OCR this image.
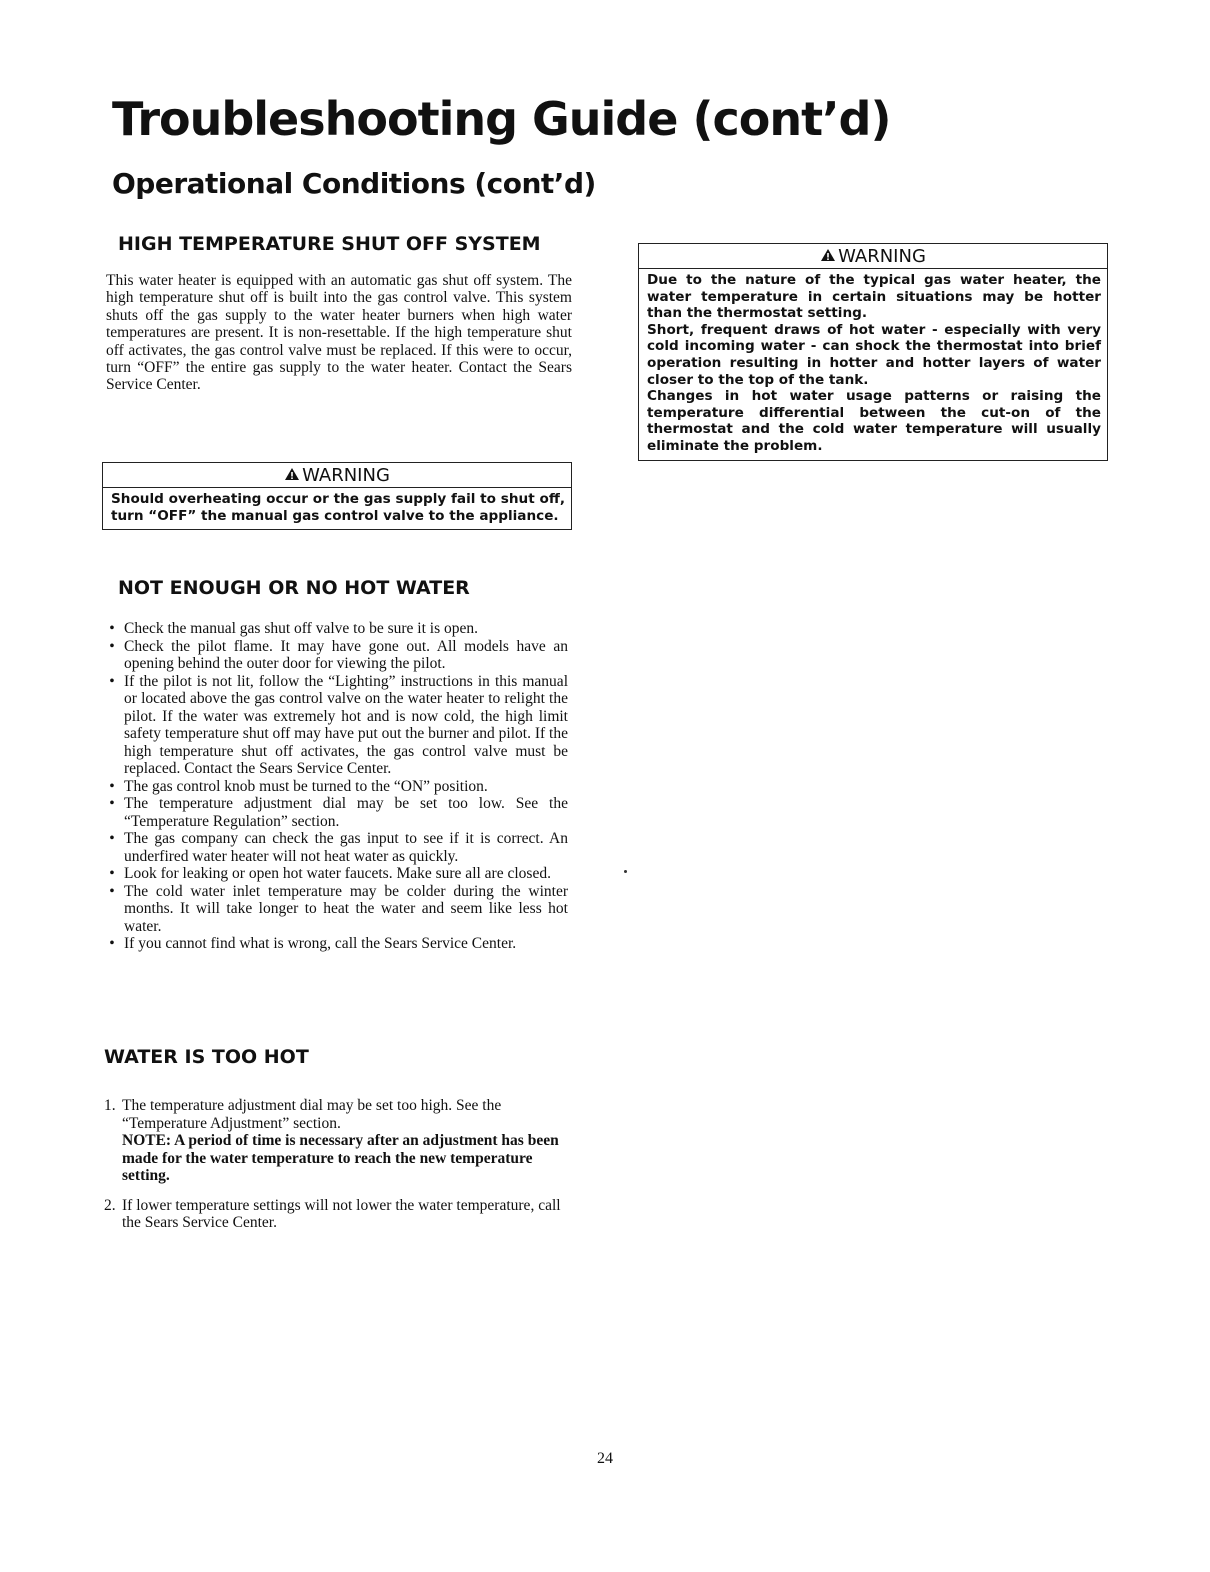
Troubleshooting Guide (cont’d)
Operational Conditions (cont’d)
HIGH TEMPERATURE SHUT OFF SYSTEM

This water heater is equipped with an automatic gas shut off system. The high temperature shut off is built into the gas control valve. This system shuts off the gas supply to the water heater burners when high water temperatures are present. It is non-resettable. If the high temperature shut off activates, the gas control valve must be replaced. If this were to occur, turn “OFF” the entire gas supply to the water heater. Contact the Sears Service Center.

WARNING

Should overheating occur or the gas supply fail to shut off, turn “OFF” the manual gas control valve to the appliance.

WARNING

Due to the nature of the typical gas water heater, the water temperature in certain situations may be hotter than the thermostat setting.

Short, frequent draws of hot water - especially with very cold incoming water - can shock the thermostat into brief operation resulting in hotter and hotter layers of water closer to the top of the tank.

Changes in hot water usage patterns or raising the temperature differential between the cut-on of the thermostat and the cold water temperature will usually eliminate the problem.

NOT ENOUGH OR NO HOT WATER
• Check the manual gas shut off valve to be sure it is open.
• Check the pilot flame. It may have gone out. All models have an opening behind the outer door for viewing the pilot.
• If the pilot is not lit, follow the “Lighting” instructions in this manual or located above the gas control valve on the water heater to relight the pilot. If the water was extremely hot and is now cold, the high limit safety temperature shut off may have put out the burner and pilot. If the high temperature shut off activates, the gas control valve must be replaced. Contact the Sears Service Center.
• The gas control knob must be turned to the “ON” position.
• The temperature adjustment dial may be set too low. See the “Temperature Regulation” section.
• The gas company can check the gas input to see if it is correct. An underfired water heater will not heat water as quickly.
• Look for leaking or open hot water faucets. Make sure all are closed.
• The cold water inlet temperature may be colder during the winter months. It will take longer to heat the water and seem like less hot water.
• If you cannot find what is wrong, call the Sears Service Center.
WATER IS TOO HOT
1. The temperature adjustment dial may be set too high. See the “Temperature Adjustment” section.
NOTE: A period of time is necessary after an adjustment has been made for the water temperature to reach the new temperature setting.
2. If lower temperature settings will not lower the water temperature, call the Sears Service Center.
24
